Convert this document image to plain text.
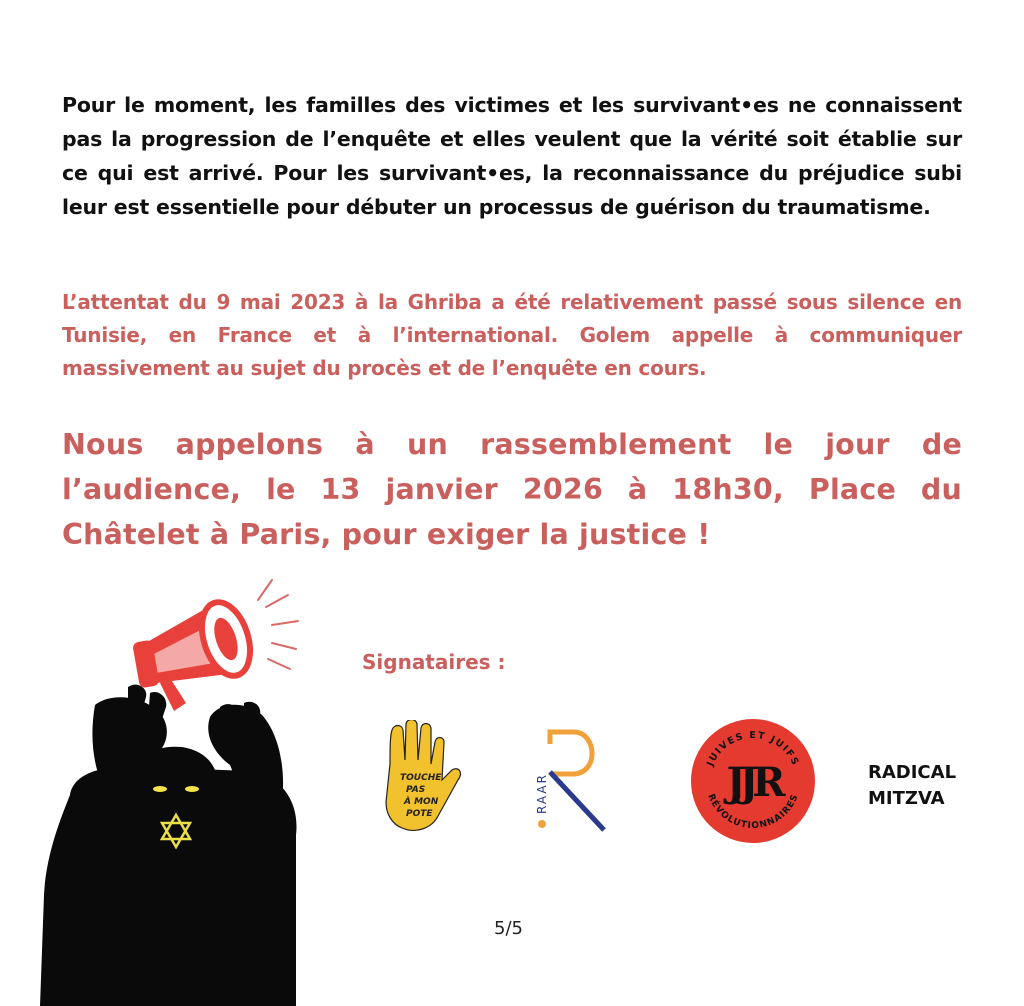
Pour le moment, les familles des victimes et les survivant•es ne connaissent pas la progression de l’enquête et elles veulent que la vérité soit établie sur ce qui est arrivé. Pour les survivant•es, la reconnaissance du préjudice subi leur est essentielle pour débuter un processus de guérison du traumatisme.

L’attentat du 9 mai 2023 à la Ghriba a été relativement passé sous silence en Tunisie, en France et à l’international. Golem appelle à communiquer massivement au sujet du procès et de l’enquête en cours.

Nous appelons à un rassemblement le jour de l’audience, le 13 janvier 2026 à 18h30, Place du Châtelet à Paris, pour exiger la justice !

Signataires :

TOUCHE
PAS
À MON
POTE	RAAR
JUIVES ET JUIFS
RÉVOLUTIONNAIRES
JJR	RADICAL
MITZVA
5/5
